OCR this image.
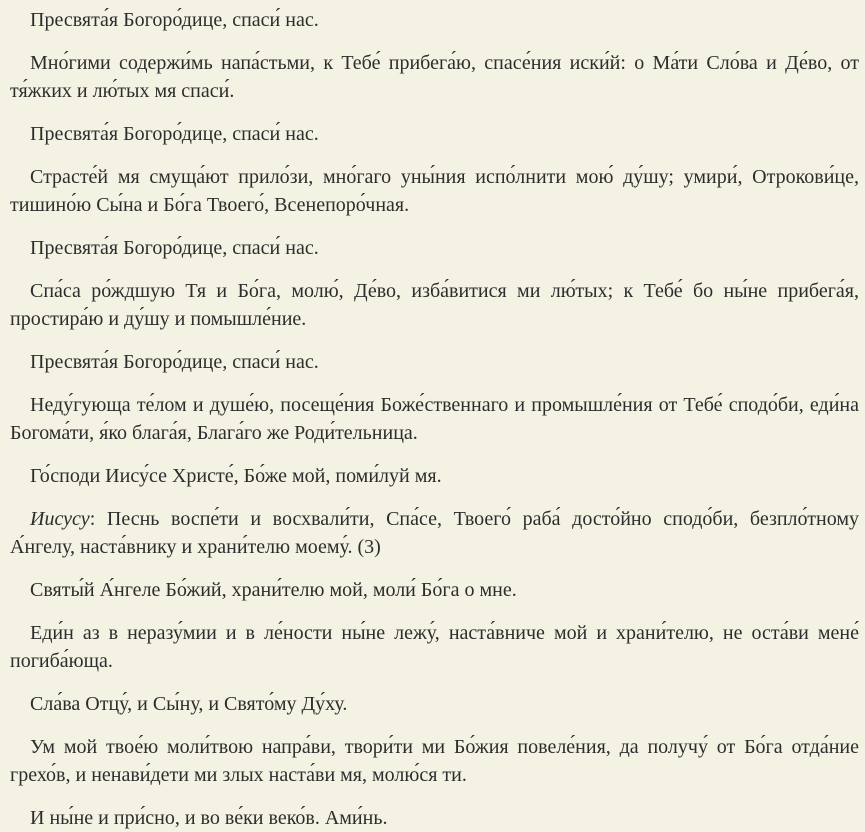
Пресвята́я Богоро́дице, спаси́ нас.

Мно́гими содержи́мь напа́стьми, к Тебе́ прибега́ю, спасе́ния иски́й: о Ма́ти Сло́ва и Де́во, от тя́жких и лю́тых мя спаси́.

Пресвята́я Богоро́дице, спаси́ нас.

Страсте́й мя смуща́ют прило́зи, мно́гаго уны́ния испо́лнити мою́ ду́шу; умири́, Отрокови́це, тишино́ю Сы́на и Бо́га Твоего́, Всенепоро́чная.

Пресвята́я Богоро́дице, спаси́ нас.

Спа́са ро́ждшую Тя и Бо́га, молю́, Де́во, изба́витися ми лю́тых; к Тебе́ бо ны́не прибега́я, простира́ю и ду́шу и помышле́ние.

Пресвята́я Богоро́дице, спаси́ нас.

Неду́гующа те́лом и душе́ю, посеще́ния Боже́ственнаго и промышле́ния от Тебе́ сподо́би, еди́на Богома́ти, я́ко блага́я, Блага́го же Роди́тельница.

Го́споди Иису́се Христе́, Бо́же мой, поми́луй мя.

Иисусу: Песнь воспе́ти и восхвали́ти, Спа́се, Твоего́ раба́ досто́йно сподо́би, безпло́тному А́нгелу, наста́внику и храни́телю моему́. (3)

Святы́й А́нгеле Бо́жий, храни́телю мой, моли́ Бо́га о мне.

Еди́н аз в неразу́мии и в ле́ности ны́не лежу́, наста́вниче мой и храни́телю, не оста́ви мене́ погиба́юща.

Сла́ва Отцу́, и Сы́ну, и Свято́му Ду́ху.

Ум мой твое́ю моли́твою напра́ви, твори́ти ми Бо́жия повеле́ния, да получу́ от Бо́га отда́ние грехо́в, и ненави́дети ми злых наста́ви мя, молю́ся ти.

И ны́не и при́сно, и во ве́ки веко́в. Ами́нь.
